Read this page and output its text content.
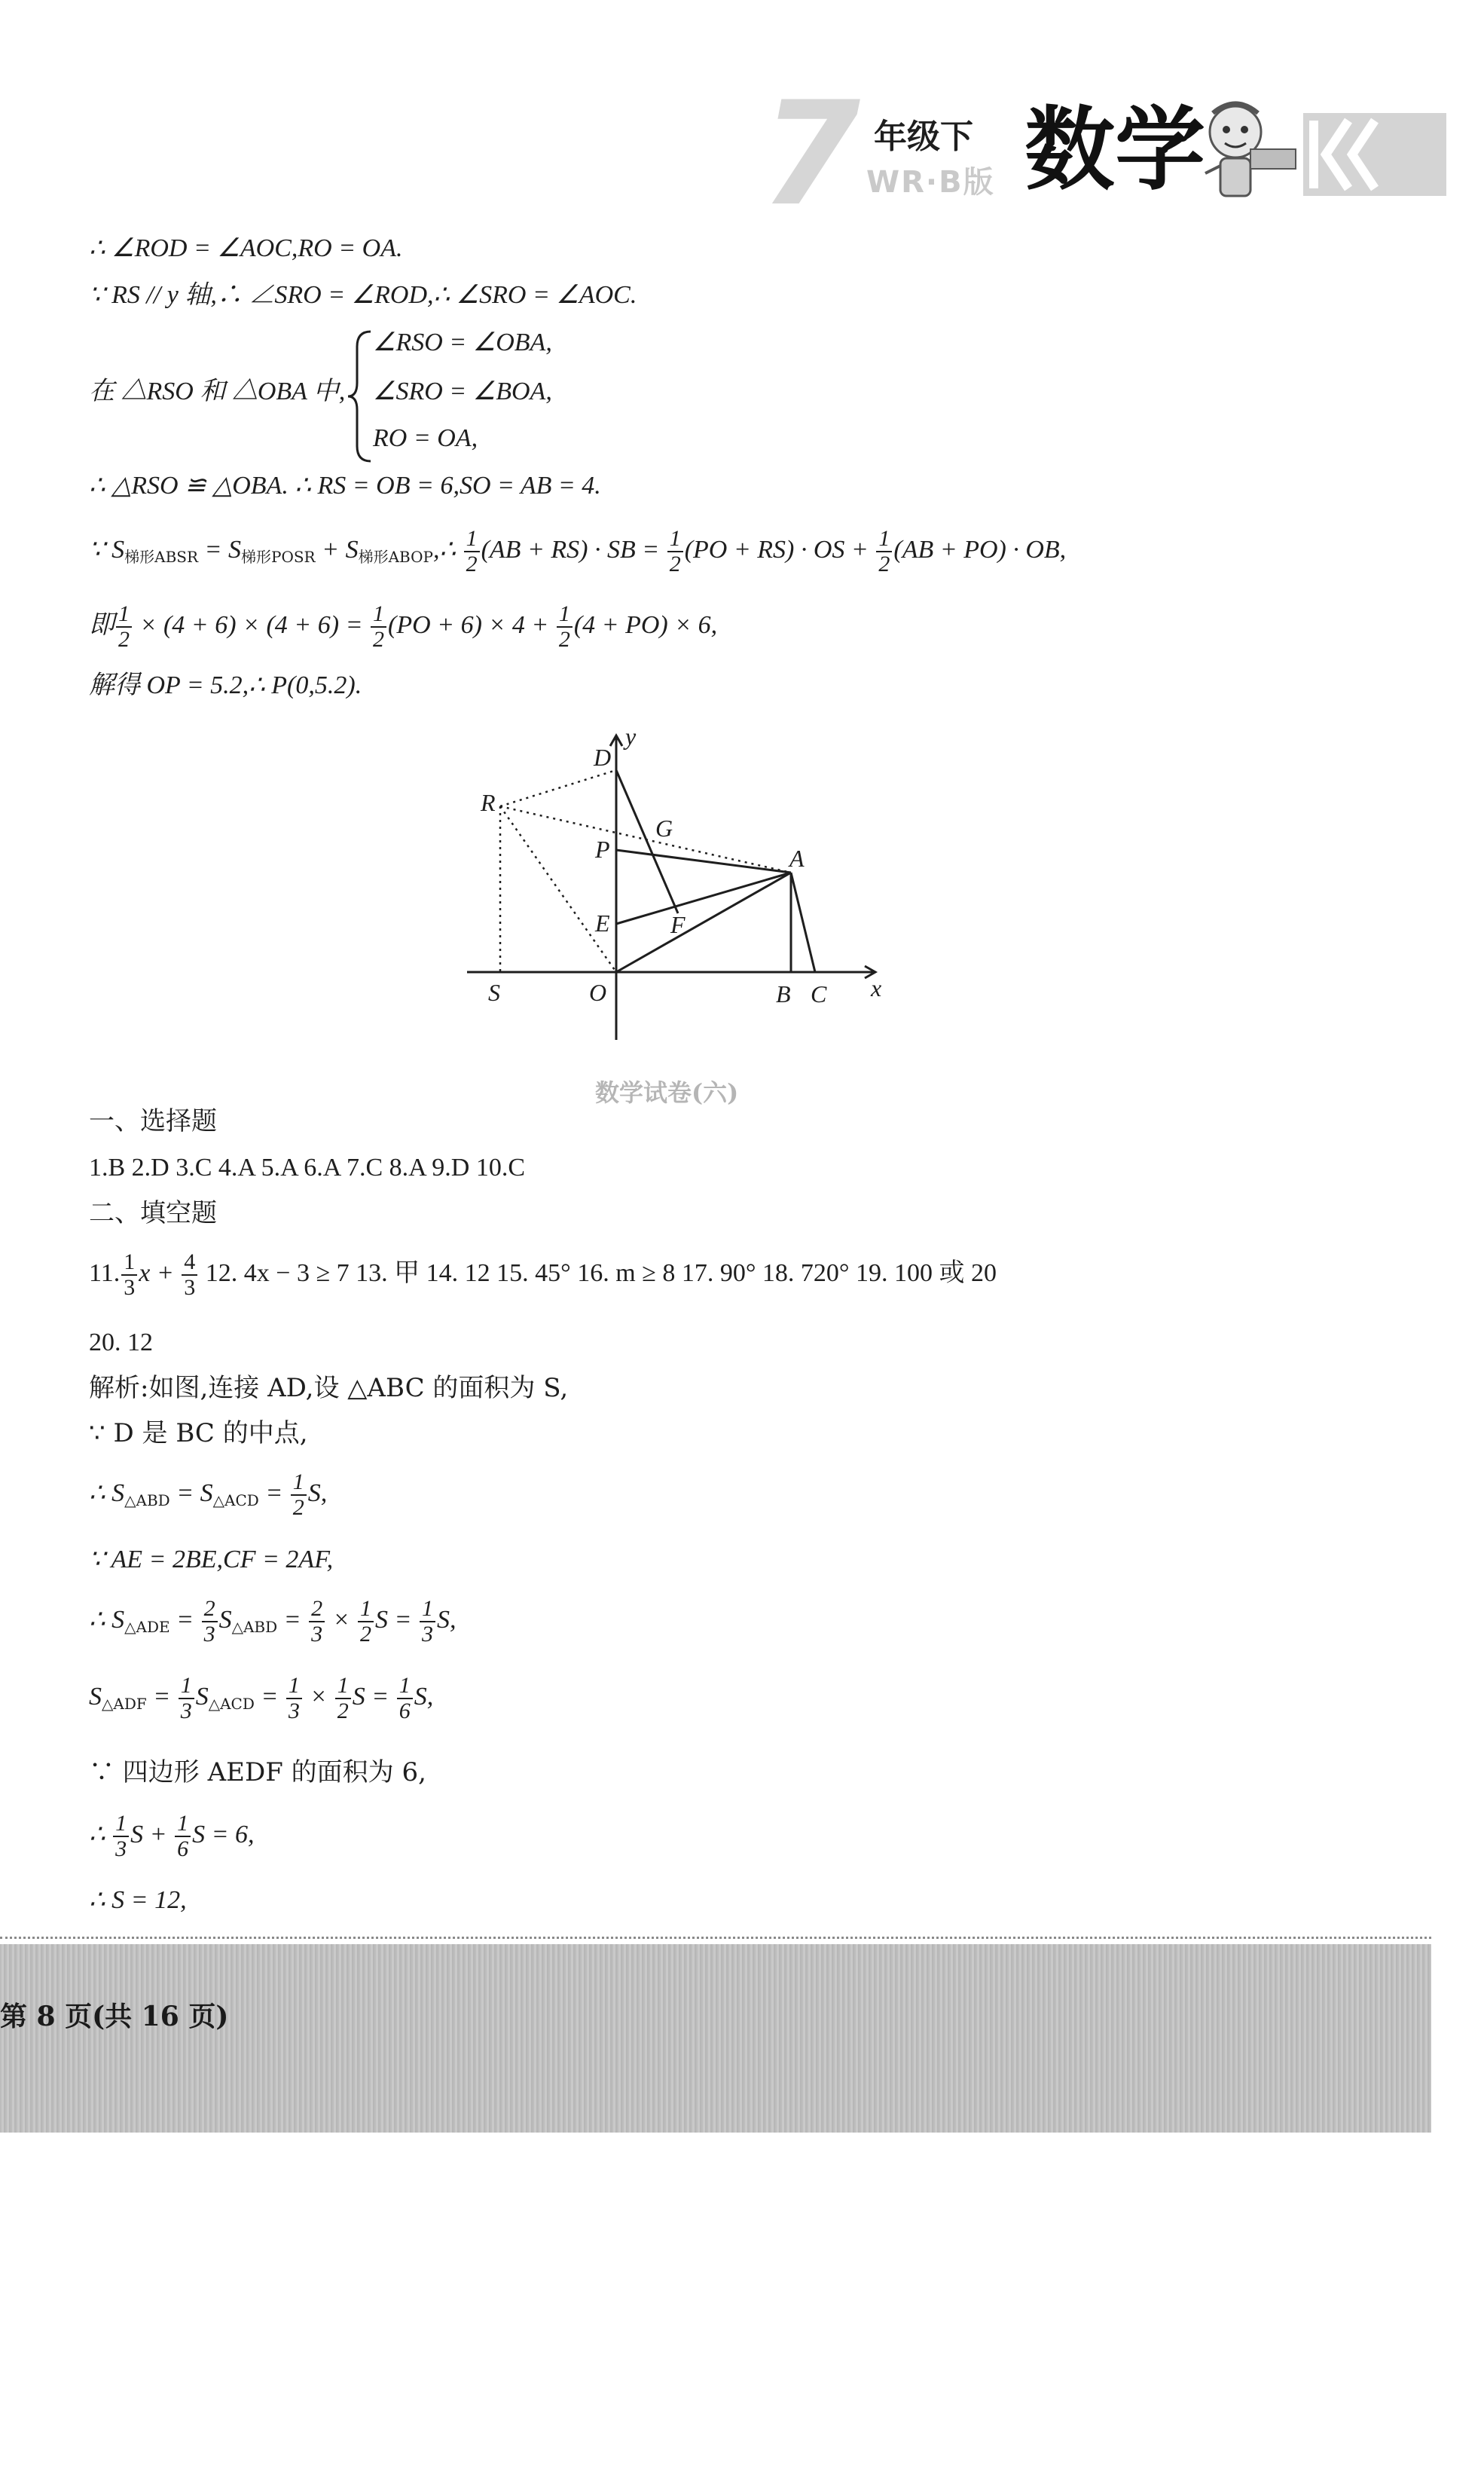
7 年级下
WR·B版 数学
∴ ∠ROD = ∠AOC,RO = OA.
∵ RS // y 轴,∴ ∠SRO = ∠ROD,∴ ∠SRO = ∠AOC.
在 △RSO 和 △OBA 中,
∠RSO = ∠OBA,
∠SRO = ∠BOA,
RO = OA,
∴ △RSO ≌ △OBA. ∴ RS = OB = 6,SO = AB = 4.
∵ $S_{梯形ABSR} = S_{梯形POSR}$ + $S_{梯形ABOP},\therefore \frac{1}{2} (AB + RS)$ · SB = $\frac{1}{2} (PO + RS)$ · OS + $\frac{1}{2} (AB + PO)$ · OB,
即 $\frac{1}{2} \times (4 + 6) \times (4 + 6) = \frac{1}{2} (PO + 6) \times 4 + \frac{1}{2} (4 + PO) \times 6$,
解得 OP = 5.2,∴ P(0,5.2).
D
y
R
G
P	A
E	F
S	O	B C x
数学试卷(六)
一、选择题
1.B 2.D 3.C 4.A 5.A 6.A 7.C 8.A 9.D 10.C
二、填空题
11. $\frac{1}{3}$ $x + \frac{4}{3} 12$. 4x − 3 ≥ 7 13. 甲 14. 12 15. 45° 16. m ≥ 8 17. 90° 18. 720° 19. 100 或 20
20. 12
解析:如图,连接 AD,设 △ABC 的面积为 S,
∵ D 是 BC 的中点,
∴ $S_{\triangle ABD} = S_{\triangle ACD} = \frac{1}{2} S$,
∵ AE = 2BE,CF = 2AF,
∴ $S_{\triangle ADE} = \frac{2}{3} S_{\triangle ABD} = \frac{2}{3} \times \frac{1}{2}$ $S = \frac{1}{3} S$,
$S_{\triangle ADF} = \frac{1}{3} S_{\triangle ACD} = \frac{1}{3} \times \frac{1}{2}$ $S = \frac{1}{6} S$,
∵ 四边形 AEDF 的面积为 6,
∴ $\frac{1}{3}$ $S + \frac{1}{6}$ S = 6,
∴ S = 12,
第 8 页(共 16 页)
